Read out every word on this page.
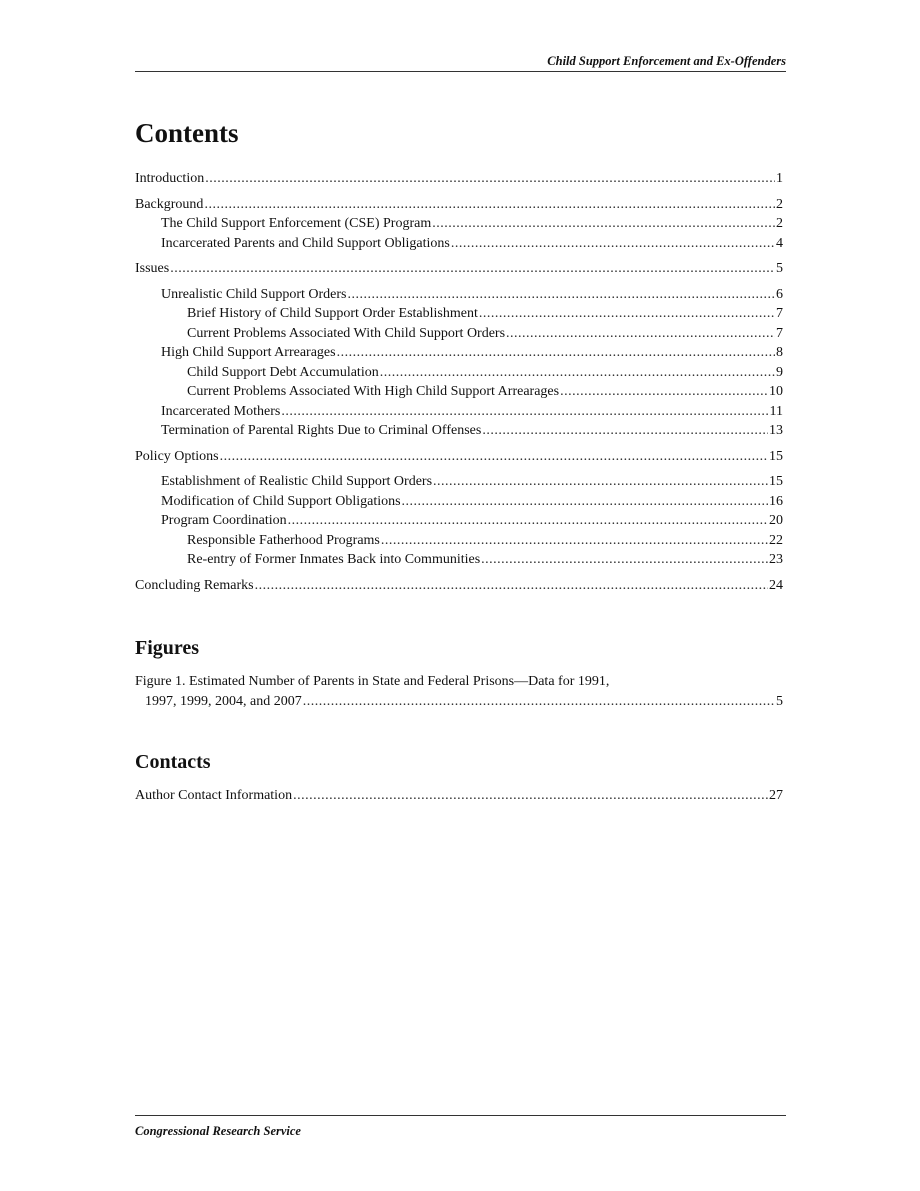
Child Support Enforcement and Ex-Offenders
Contents
Introduction .....	1
Background .....	2
The Child Support Enforcement (CSE) Program .....	2
Incarcerated Parents and Child Support Obligations .....	4
Issues .....	5
Unrealistic Child Support Orders .....	6
Brief History of Child Support Order Establishment .....	7
Current Problems Associated With Child Support Orders .....	7
High Child Support Arrearages .....	8
Child Support Debt Accumulation .....	9
Current Problems Associated With High Child Support Arrearages .....	10
Incarcerated Mothers .....	11
Termination of Parental Rights Due to Criminal Offenses .....	13
Policy Options .....	15
Establishment of Realistic Child Support Orders .....	15
Modification of Child Support Obligations .....	16
Program Coordination .....	20
Responsible Fatherhood Programs .....	22
Re-entry of Former Inmates Back into Communities .....	23
Concluding Remarks .....	24
Figures
Figure 1. Estimated Number of Parents in State and Federal Prisons—Data for 1991,
1997, 1999, 2004, and 2007 .....	5
Contacts
Author Contact Information .....	27
Congressional Research Service
